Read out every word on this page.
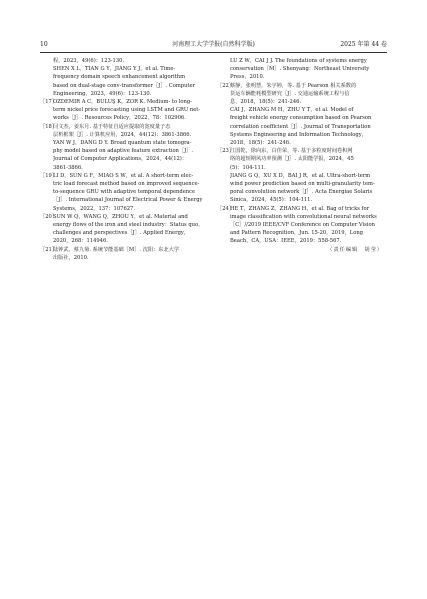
10	河南理工大学学报(自然科学版)	2025 年第 44 卷
程，2023，49(6)：123-130.
SHEN X L，TIAN G Y，JIANG Y J，et al. Time-
frequency domain speech enhancement algorithm
based on dual-stage conv-transformer［J］. Computer
Engineering，2023，49(6)：123-130.
［17］
OZDEMIR A C，BULUŞ K，ZOR K. Medium- to long-
term nickel price forecasting using LSTM and GRU net-
works［J］. Resources Policy，2022，78：102906.
［18］
闫文杰，姜东月. 基于特征自适应提取的宽度量子态
层析框架［J］. 计算机应用，2024，44(12)：3861-3866.
YAN W J，DANG D Y. Broad quantum state tomogra-
phy model based on adaptive feature extraction［J］.
Journal of Computer Applications，2024，44(12)：
3861-3866.
［19］
LI D，SUN G F，MIAO S W，et al. A short-term elec-
tric load forecast method based on improved sequence-
to-sequence GRU with adaptive temporal dependence
［J］. International Journal of Electrical Power & Energy
Systems，2022，137：107627.
［20］
SUN W Q，WANG Q，ZHOU Y，et al. Material and
energy flows of the iron and steel industry：Status quo，
challenges and perspectives［J］. Applied Energy，
2020，268：114946.
［21］
陆钟武，蔡九菊. 系统节能基础［M］. 沈阳：东北大学
出版社，2010.
LU Z W，CAI J J. The foundations of systems energy
conservation［M］. Shenyang：Northeast University
Press，2010.
［22］
蔡静，张明慧，朱宇婷，等. 基于 Pearson 相关系数的
货运车辆能耗模型研究［J］. 交通运输系统工程与信
息，2018，18(5)：241-246.
CAI J，ZHANG M H，ZHU Y T，et al. Model of
freight vehicle energy consumption based on Pearson
correlation coefficient［J］. Journal of Transportation
Systems Engineering and Information Technology，
2018，18(5)：241-246.
［23］
江国乾，徐向东，白佳荣，等. 基于多粒度时间卷积网
络的超短期风功率预测［J］. 太阳能学报，2024，45
(5)：104-111.
JIANG G Q，XU X D，BAI J R，et al. Ultra-short-term
wind power prediction based on multi-granularity tem-
poral convolution network［J］. Acta Energiae Solaris
Sinica，2024，45(5)：104-111.
［24］
HE T，ZHANG Z，ZHANG H，et al. Bag of tricks for
image classification with convolutional neural networks
［C］//2019 IEEE/CVF Conference on Computer Vision
and Pattern Recognition，Jun. 15-20，2019，Long
Beach，CA，USA：IEEE，2019：558-567.
（责任编辑　胡莹）
